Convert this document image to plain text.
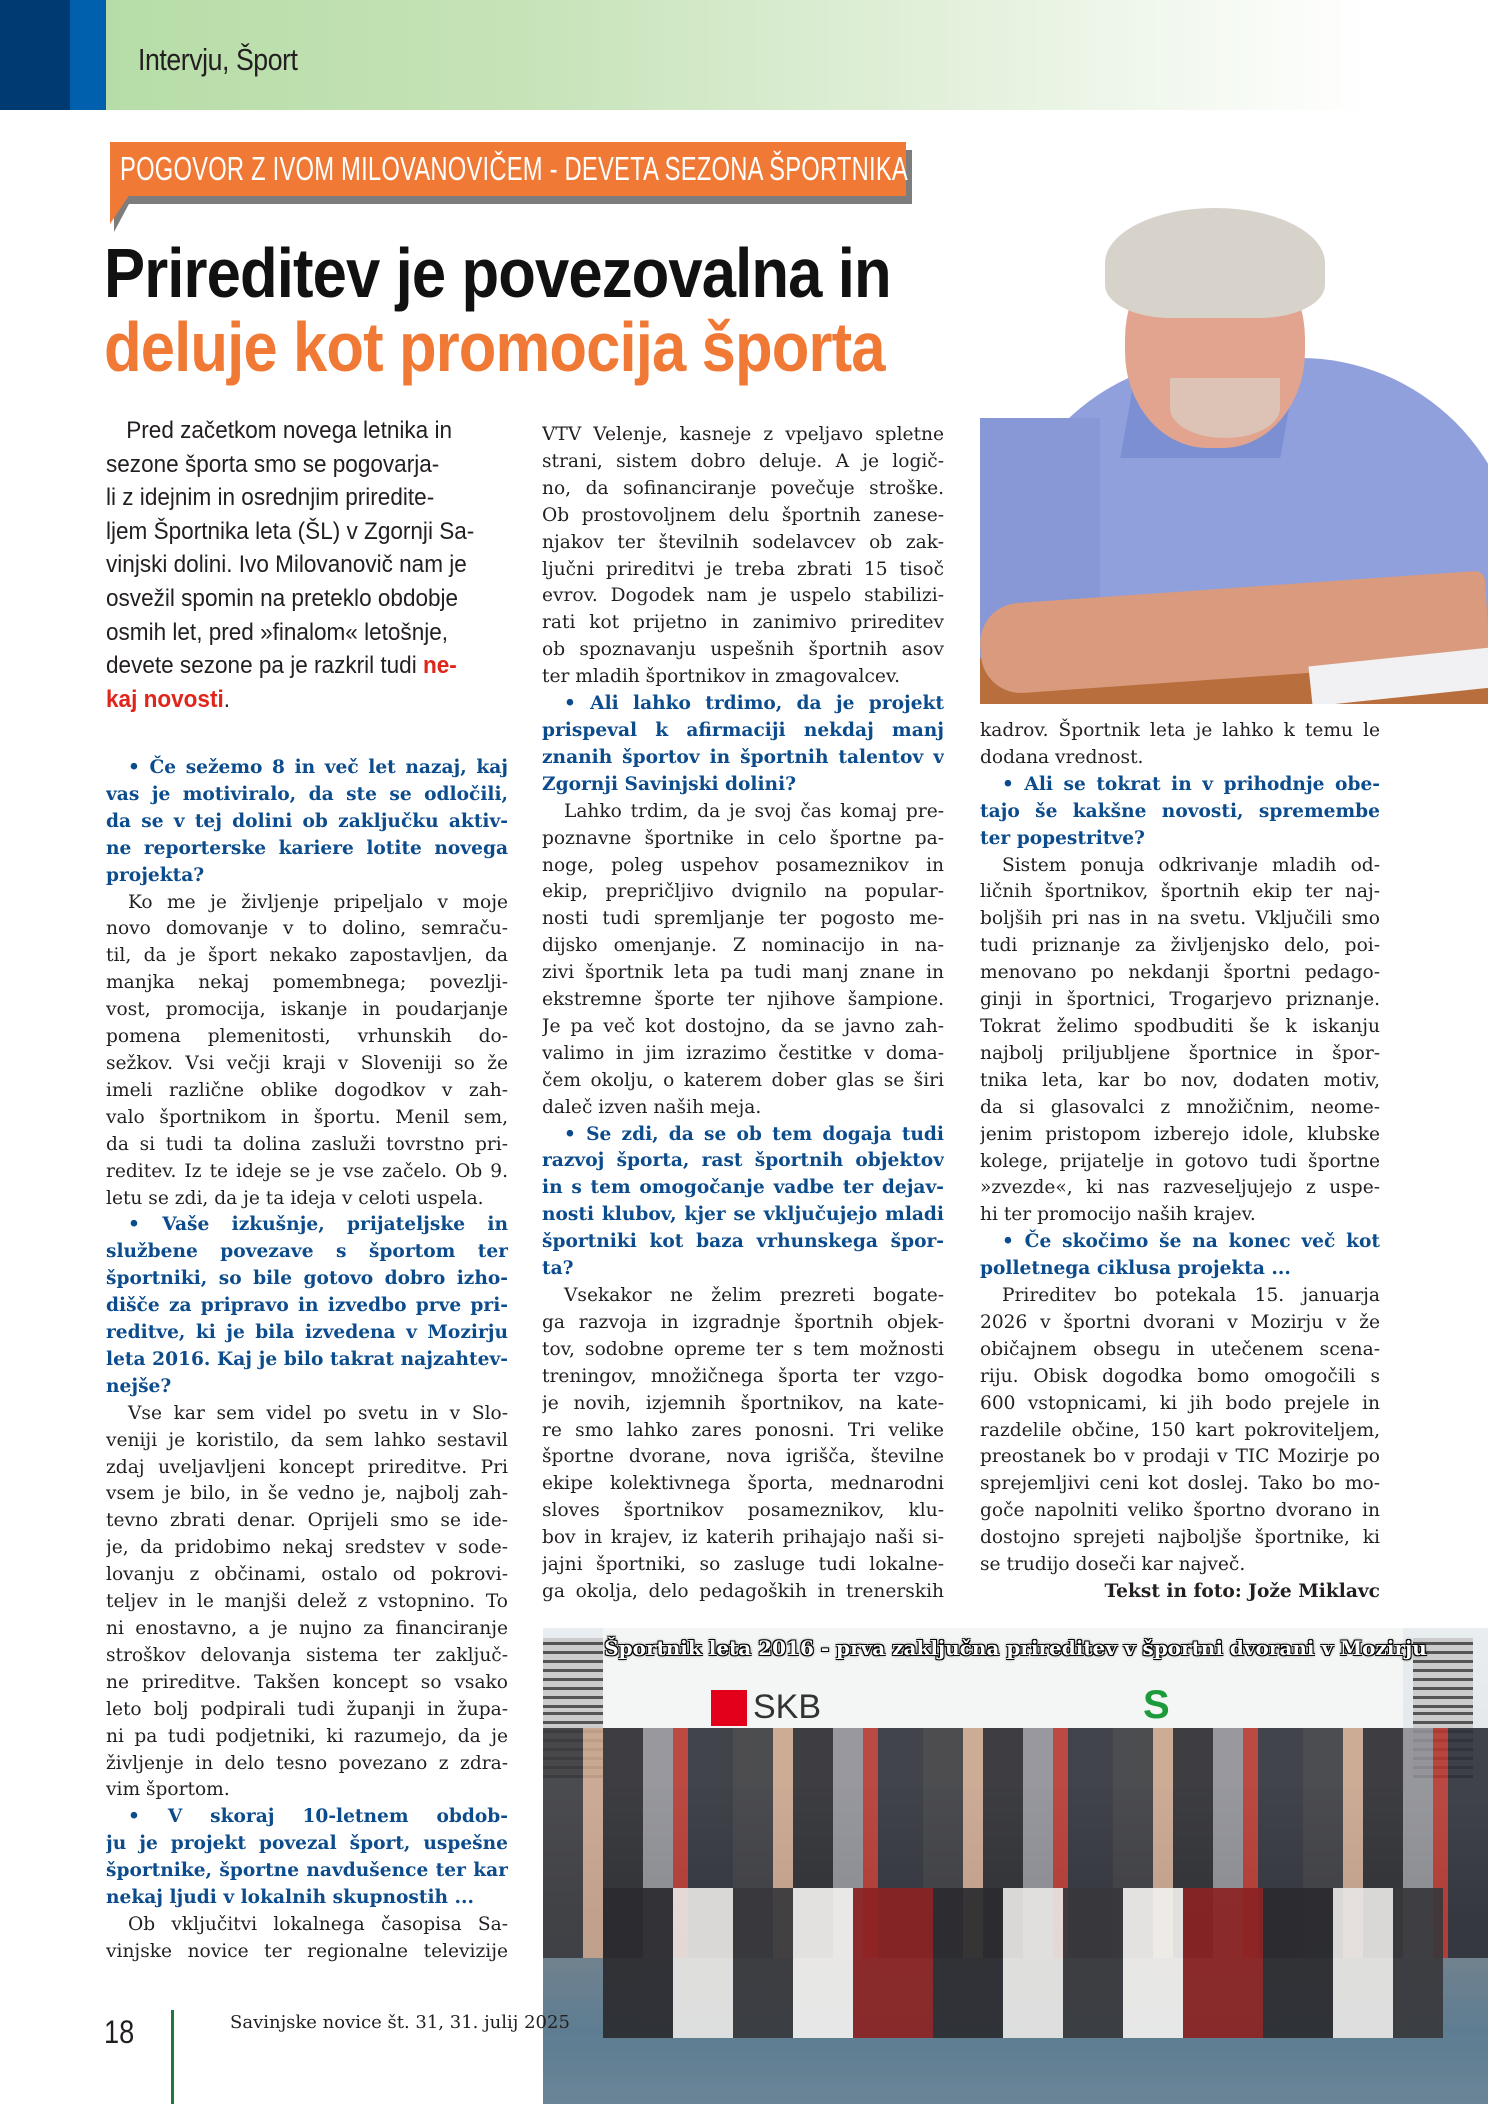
Intervju, Šport
POGOVOR Z IVOM MILOVANOVIČEM - DEVETA SEZONA ŠPORTNIKA LETA
Prireditev je povezovalna in
deluje kot promocija športa
Pred začetkom novega letnika in
sezone športa smo se pogovarja-
li z idejnim in osrednjim priredite-
ljem Športnika leta (ŠL) v Zgornji Sa-
vinjski dolini. Ivo Milovanovič nam je
osvežil spomin na preteklo obdobje
osmih let, pred »finalom« letošnje,
devete sezone pa je razkril tudi ne-
kaj novosti.
• Če sežemo 8 in več let nazaj, kaj
vas je motiviralo, da ste se odločili,
da se v tej dolini ob zaključku aktiv-
ne reporterske kariere lotite novega
projekta?
Ko me je življenje pripeljalo v moje
novo domovanje v to dolino, semraču-
til, da je šport nekako zapostavljen, da
manjka nekaj pomembnega; povezlji-
vost, promocija, iskanje in poudarjanje
pomena plemenitosti, vrhunskih do-
sežkov. Vsi večji kraji v Sloveniji so že
imeli različne oblike dogodkov v zah-
valo športnikom in športu. Menil sem,
da si tudi ta dolina zasluži tovrstno pri-
reditev. Iz te ideje se je vse začelo. Ob 9.
letu se zdi, da je ta ideja v celoti uspela.
• Vaše izkušnje, prijateljske in
službene povezave s športom ter
športniki, so bile gotovo dobro izho-
dišče za pripravo in izvedbo prve pri-
reditve, ki je bila izvedena v Mozirju
leta 2016. Kaj je bilo takrat najzahtev-
nejše?
Vse kar sem videl po svetu in v Slo-
veniji je koristilo, da sem lahko sestavil
zdaj uveljavljeni koncept prireditve. Pri
vsem je bilo, in še vedno je, najbolj zah-
tevno zbrati denar. Oprijeli smo se ide-
je, da pridobimo nekaj sredstev v sode-
lovanju z občinami, ostalo od pokrovi-
teljev in le manjši delež z vstopnino. To
ni enostavno, a je nujno za financiranje
stroškov delovanja sistema ter zaključ-
ne prireditve. Takšen koncept so vsako
leto bolj podpirali tudi županji in župa-
ni pa tudi podjetniki, ki razumejo, da je
življenje in delo tesno povezano z zdra-
vim športom.
• V skoraj 10-letnem obdob-
ju je projekt povezal šport, uspešne
športnike, športne navdušence ter kar
nekaj ljudi v lokalnih skupnostih ...
Ob vključitvi lokalnega časopisa Sa-
vinjske novice ter regionalne televizije
VTV Velenje, kasneje z vpeljavo spletne
strani, sistem dobro deluje. A je logič-
no, da sofinanciranje povečuje stroške.
Ob prostovoljnem delu športnih zanese-
njakov ter številnih sodelavcev ob zak-
ljučni prireditvi je treba zbrati 15 tisoč
evrov. Dogodek nam je uspelo stabilizi-
rati kot prijetno in zanimivo prireditev
ob spoznavanju uspešnih športnih asov
ter mladih športnikov in zmagovalcev.
• Ali lahko trdimo, da je projekt
prispeval k afirmaciji nekdaj manj
znanih športov in športnih talentov v
Zgornji Savinjski dolini?
Lahko trdim, da je svoj čas komaj pre-
poznavne športnike in celo športne pa-
noge, poleg uspehov posameznikov in
ekip, prepričljivo dvignilo na popular-
nosti tudi spremljanje ter pogosto me-
dijsko omenjanje. Z nominacijo in na-
zivi športnik leta pa tudi manj znane in
ekstremne športe ter njihove šampione.
Je pa več kot dostojno, da se javno zah-
valimo in jim izrazimo čestitke v doma-
čem okolju, o katerem dober glas se širi
daleč izven naših meja.
• Se zdi, da se ob tem dogaja tudi
razvoj športa, rast športnih objektov
in s tem omogočanje vadbe ter dejav-
nosti klubov, kjer se vključujejo mladi
športniki kot baza vrhunskega špor-
ta?
Vsekakor ne želim prezreti bogate-
ga razvoja in izgradnje športnih objek-
tov, sodobne opreme ter s tem možnosti
treningov, množičnega športa ter vzgo-
je novih, izjemnih športnikov, na kate-
re smo lahko zares ponosni. Tri velike
športne dvorane, nova igrišča, številne
ekipe kolektivnega športa, mednarodni
sloves športnikov posameznikov, klu-
bov in krajev, iz katerih prihajajo naši si-
jajni športniki, so zasluge tudi lokalne-
ga okolja, delo pedagoških in trenerskih
kadrov. Športnik leta je lahko k temu le
dodana vrednost.
• Ali se tokrat in v prihodnje obe-
tajo še kakšne novosti, spremembe
ter popestritve?
Sistem ponuja odkrivanje mladih od-
ličnih športnikov, športnih ekip ter naj-
boljših pri nas in na svetu. Vključili smo
tudi priznanje za življenjsko delo, poi-
menovano po nekdanji športni pedago-
ginji in športnici, Trogarjevo priznanje.
Tokrat želimo spodbuditi še k iskanju
najbolj priljubljene športnice in špor-
tnika leta, kar bo nov, dodaten motiv,
da si glasovalci z množičnim, neome-
jenim pristopom izberejo idole, klubske
kolege, prijatelje in gotovo tudi športne
»zvezde«, ki nas razveseljujejo z uspe-
hi ter promocijo naših krajev.
• Če skočimo še na konec več kot
polletnega ciklusa projekta ...
Prireditev bo potekala 15. januarja
2026 v športni dvorani v Mozirju v že
običajnem obsegu in utečenem scena-
riju. Obisk dogodka bomo omogočili s
600 vstopnicami, ki jih bodo prejele in
razdelile občine, 150 kart pokroviteljem,
preostanek bo v prodaji v TIC Mozirje po
sprejemljivi ceni kot doslej. Tako bo mo-
goče napolniti veliko športno dvorano in
dostojno sprejeti najboljše športnike, ki
se trudijo doseči kar največ.
Tekst in foto: Jože Miklavc
SKB	S
Športnik leta 2016 - prva zaključna prireditev v športni dvorani v Mozirju
18	Savinjske novice št. 31, 31. julij 2025
